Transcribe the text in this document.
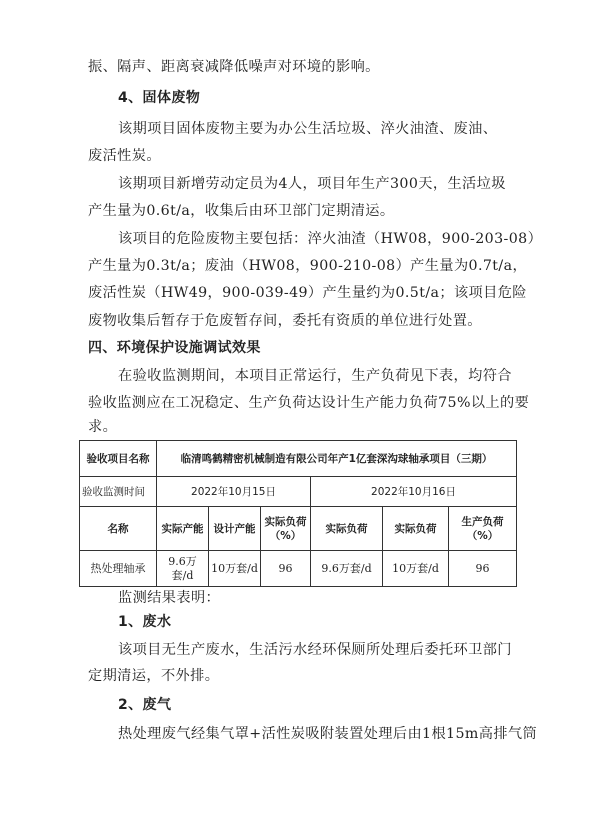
振、隔声、距离衰减降低噪声对环境的影响。
4、固体废物
该期项目固体废物主要为办公生活垃圾、淬火油渣、废油、
废活性炭。
该期项目新增劳动定员为4人，项目年生产300天，生活垃圾
产生量为0.6t/a，收集后由环卫部门定期清运。
该项目的危险废物主要包括：淬火油渣（HW08，900-203-08）
产生量为0.3t/a；废油（HW08，900-210-08）产生量为0.7t/a，
废活性炭（HW49，900-039-49）产生量约为0.5t/a；该项目危险
废物收集后暂存于危废暂存间，委托有资质的单位进行处置。
四、环境保护设施调试效果
在验收监测期间，本项目正常运行，生产负荷见下表，均符合
验收监测应在工况稳定、生产负荷达设计生产能力负荷75%以上的要
求。
验收项目名称	临清鸣鹤精密机械制造有限公司年产1亿套深沟球轴承项目（三期）					
验收监测时间	2022年10月15日			2022年10月16日		
名称	实际产能	设计产能	实际负荷（%）	实际负荷	实际负荷	生产负荷（%）
热处理轴承	9.6万套/d	10万套/d	96	9.6万套/d	10万套/d	96
监测结果表明：
1、废水
该项目无生产废水，生活污水经环保厕所处理后委托环卫部门
定期清运，不外排。
2、废气
热处理废气经集气罩+活性炭吸附装置处理后由1根15m高排气筒
